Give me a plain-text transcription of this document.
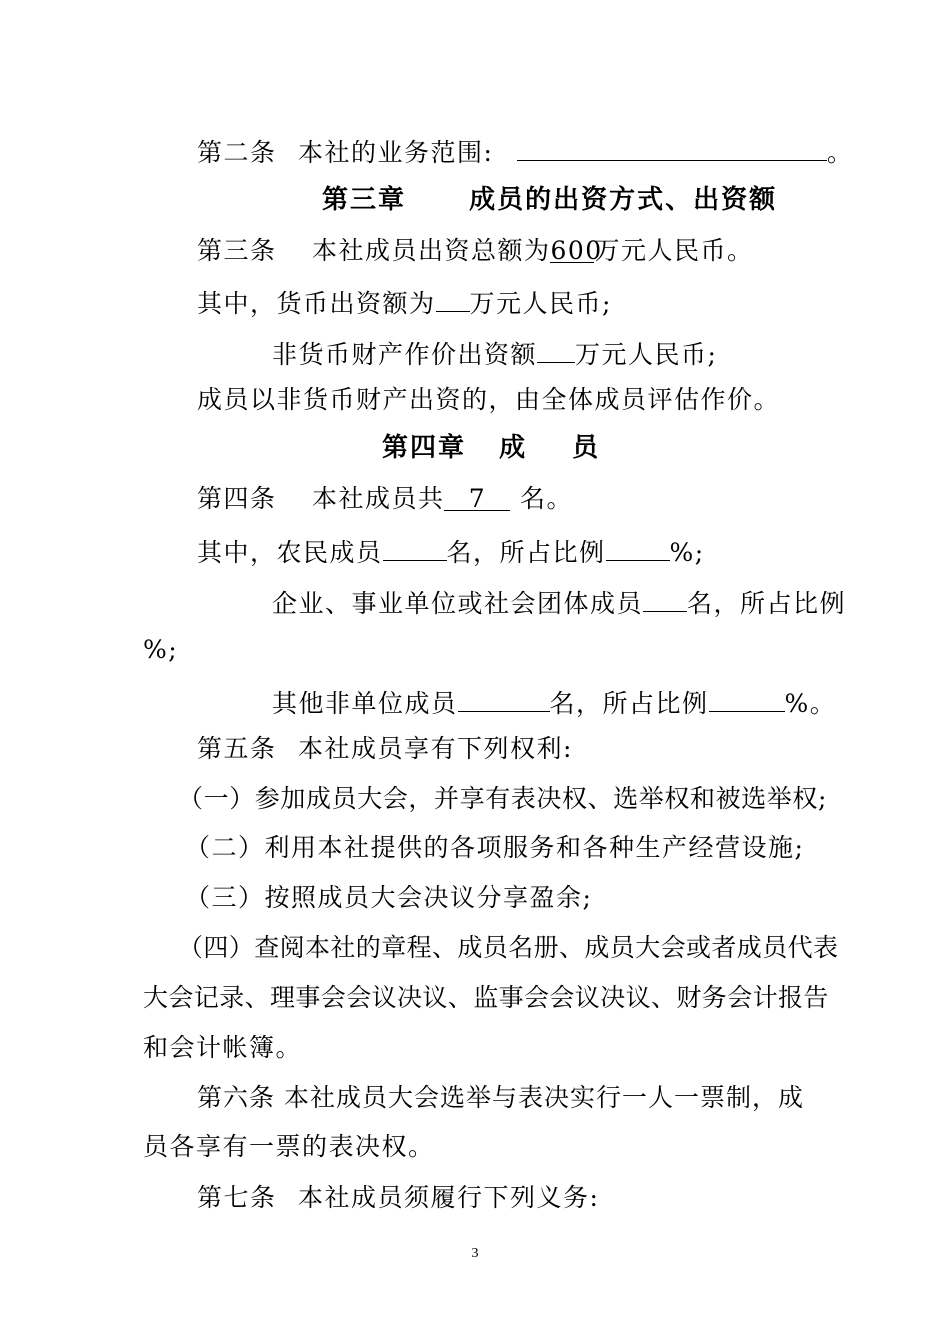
第二条 本社的业务范围:	。
第三章 成员的出资方式、出资额
第三条 本社成员出资总额为600万元人民币。
其中，货币出资额为 万元人民币;
非货币财产作价出资额 万元人民币;
成员以非货币财产出资的，由全体成员评估作价。
第四章 成 员
第四条 本社成员共 7 名。
其中，农民成员	名，所占比例	%;
企业、事业单位或社会团体成员 名，所占比例
%;
其他非单位成员	名，所占比例	%。
第五条 本社成员享有下列权利:
（一）参加成员大会，并享有表决权、选举权和被选举权;
（二）利用本社提供的各项服务和各种生产经营设施;
（三）按照成员大会决议分享盈余;
（四）查阅本社的章程、成员名册、成员大会或者成员代表
大会记录、理事会会议决议、监事会会议决议、财务会计报告
和会计帐簿。
第六条 本社成员大会选举与表决实行一人一票制，成
员各享有一票的表决权。
第七条 本社成员须履行下列义务:
3
